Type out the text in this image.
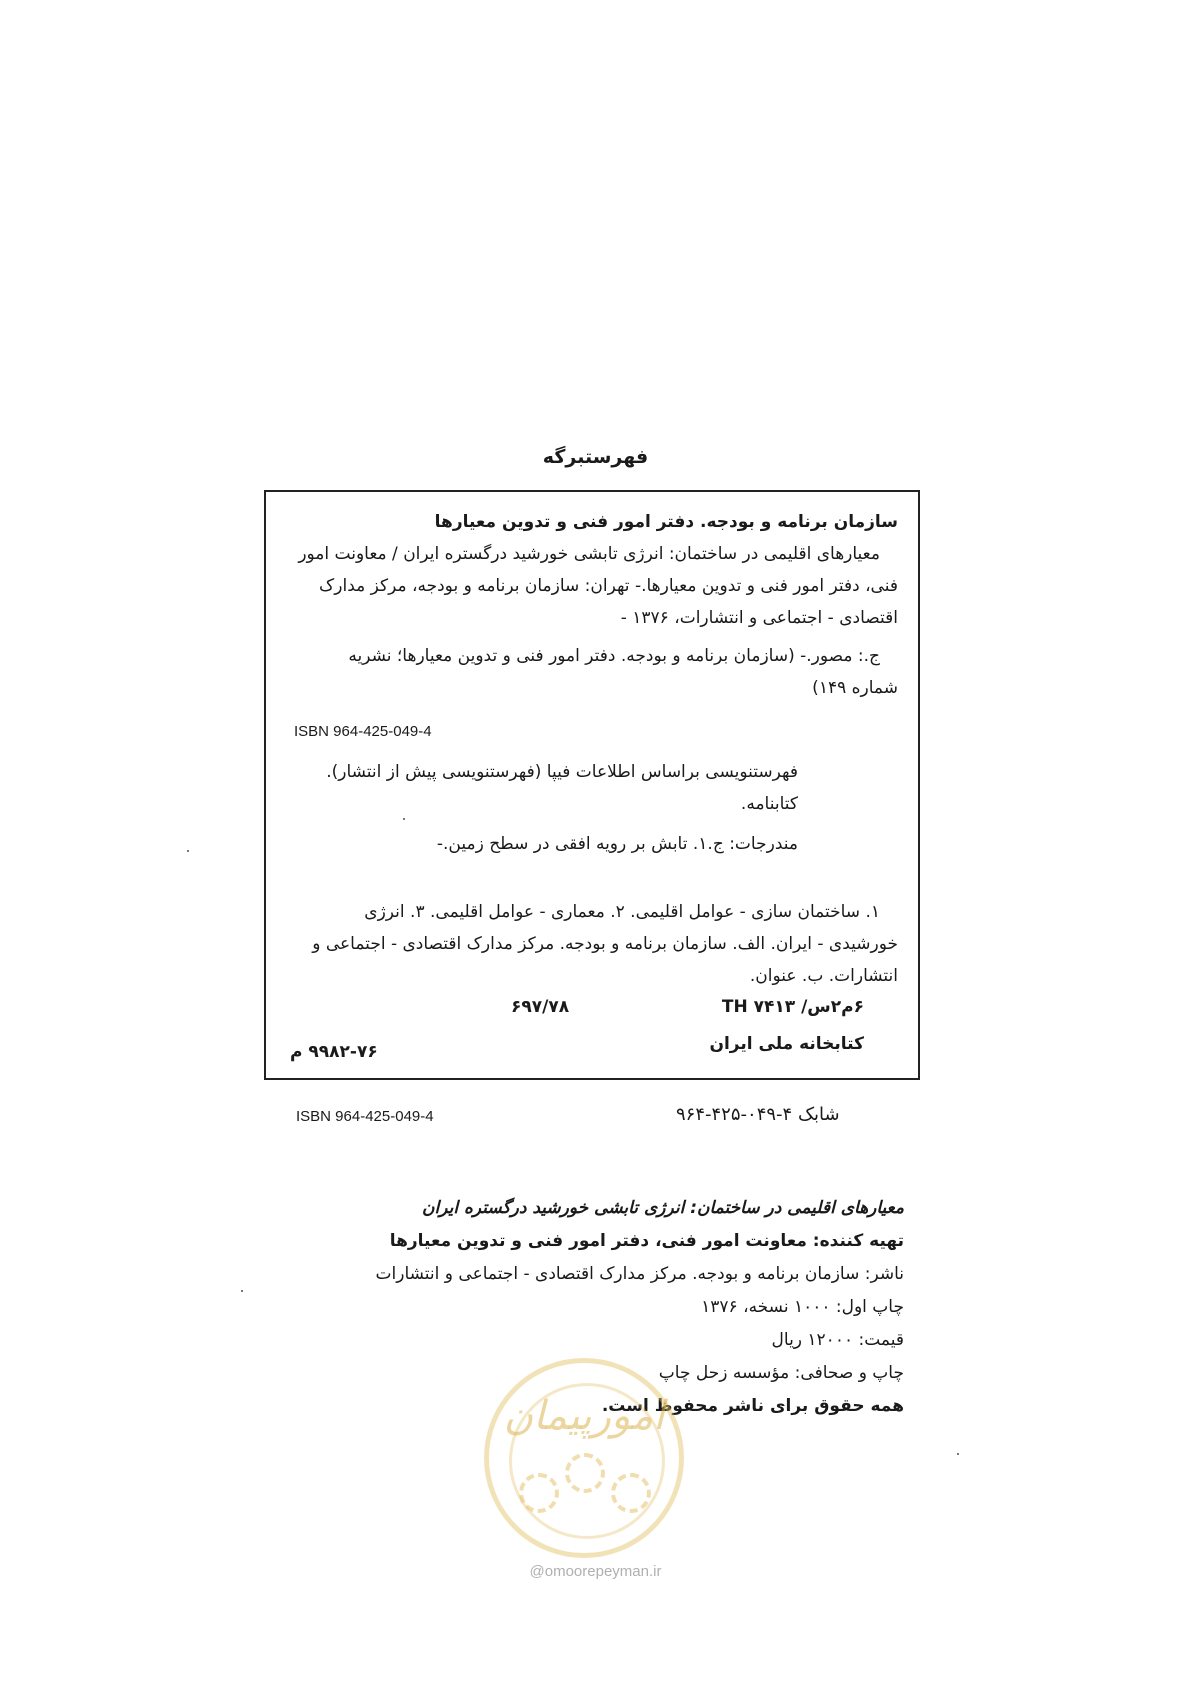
فهرستبرگه
سازمان برنامه و بودجه. دفتر امور فنی و تدوین معیارها
معیارهای اقلیمی در ساختمان: انرژی تابشی خورشید درگستره ایران / معاونت امور
فنی، دفتر امور فنی و تدوین معیارها.- تهران: سازمان برنامه و بودجه، مرکز مدارک
اقتصادی - اجتماعی و انتشارات، ۱۳۷۶ -
ج.: مصور.- (سازمان برنامه و بودجه. دفتر امور فنی و تدوین معیارها؛ نشریه
شماره ۱۴۹)
ISBN 964-425-049-4
فهرستنویسی براساس اطلاعات فیپا (فهرستنویسی پیش از انتشار).
کتابنامه.
مندرجات: ج.۱. تابش بر رویه افقی در سطح زمین.-
۱. ساختمان سازی - عوامل اقلیمی. ۲. معماری - عوامل اقلیمی. ۳. انرژی
خورشیدی - ایران. الف. سازمان برنامه و بودجه. مرکز مدارک اقتصادی - اجتماعی و
انتشارات. ب. عنوان.
۶م۲س/ ۷۴۱۳ TH
۶۹۷/۷۸
کتابخانه ملی ایران
۹۹۸۲-۷۶ م
ISBN 964-425-049-4	شابک ۴-۰۴۹-۴۲۵-۹۶۴
معیارهای اقلیمی در ساختمان: انرژی تابشی خورشید درگستره ایران
تهیه کننده: معاونت امور فنی، دفتر امور فنی و تدوین معیارها
ناشر: سازمان برنامه و بودجه. مرکز مدارک اقتصادی - اجتماعی و انتشارات
چاپ اول: ۱۰۰۰ نسخه، ۱۳۷۶
قیمت: ۱۲۰۰۰ ریال
چاپ و صحافی: مؤسسه زحل چاپ
همه حقوق برای ناشر محفوظ است.
امورپیمان
@omoorepeyman.ir
